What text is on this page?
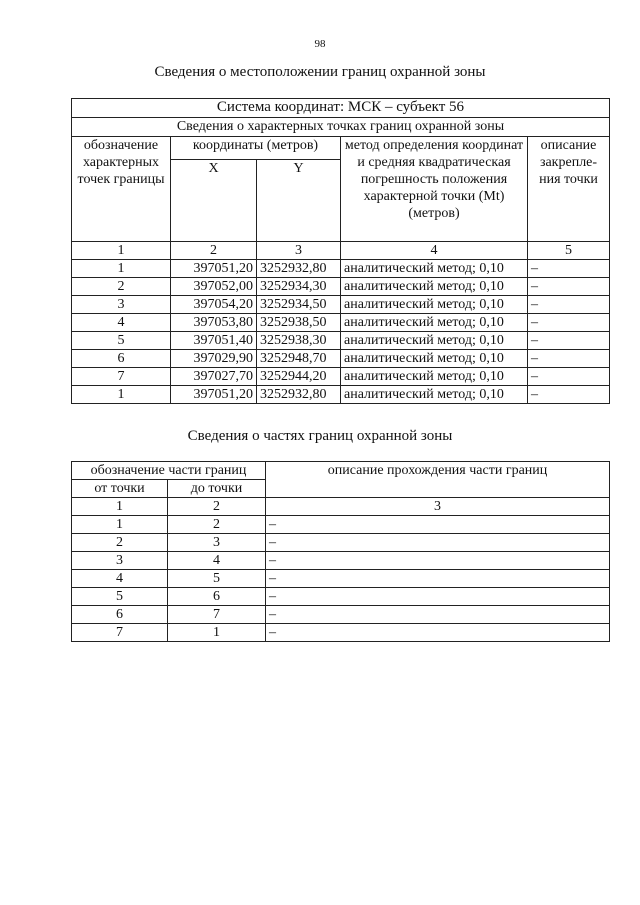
98
Сведения о местоположении границ охранной зоны
Система координат: МСК – субъект 56				
Сведения о характерных точках границ охранной зоны				
обозначение характерных точек границы	координаты (метров)		метод определения координат и средняя квадратическая погрешность положения характерной точки (Mt) (метров)	описание закрепле-ния точки
	X	Y		
1	2	3	4	5
1	397051,20	3252932,80	аналитический метод; 0,10	–
2	397052,00	3252934,30	аналитический метод; 0,10	–
3	397054,20	3252934,50	аналитический метод; 0,10	–
4	397053,80	3252938,50	аналитический метод; 0,10	–
5	397051,40	3252938,30	аналитический метод; 0,10	–
6	397029,90	3252948,70	аналитический метод; 0,10	–
7	397027,70	3252944,20	аналитический метод; 0,10	–
1	397051,20	3252932,80	аналитический метод; 0,10	–
Сведения о частях границ охранной зоны
обозначение части границ		описание прохождения части границ
от точки	до точки	
1	2	3
1	2	–
2	3	–
3	4	–
4	5	–
5	6	–
6	7	–
7	1	–
